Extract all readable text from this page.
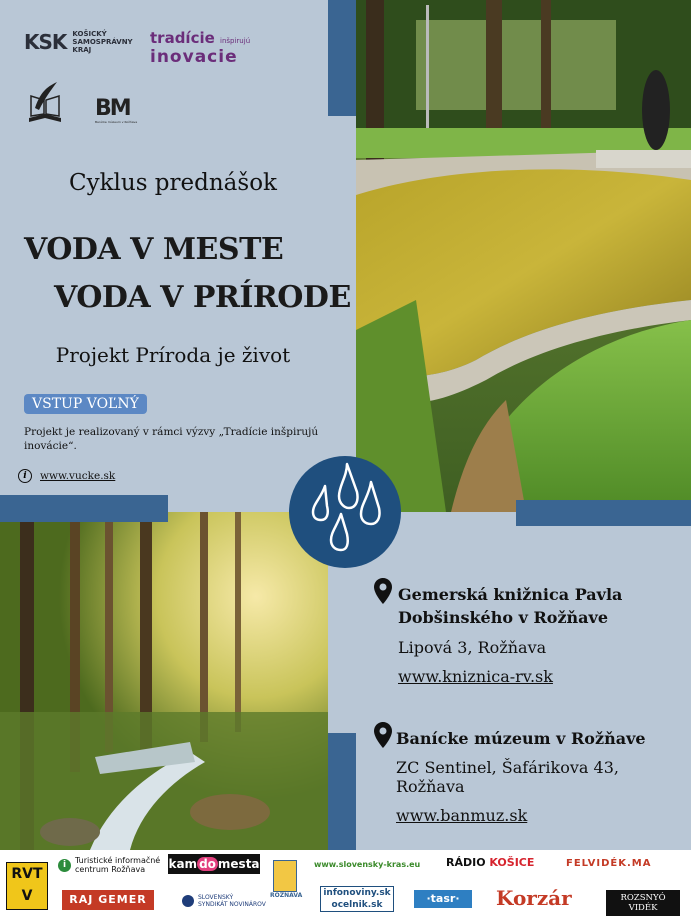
KSK KOŠICKÝ SAMOSPRÁVNY KRAJ
tradície inšpirujú
inovacie
BM
Banícke múzeum v Rožňave
Cyklus prednášok
VODA V MESTE
VODA V PRÍRODE
Projekt Príroda je život
VSTUP VOĽNÝ
Projekt je realizovaný v rámci výzvy „Tradície inšpirujú inovácie“.
i	www.vucke.sk
Gemerská knižnica Pavla
Dobšinského v Rožňave
Lipová 3, Rožňava
www.kniznica-rv.sk
Banícke múzeum v Rožňave
ZC Sentinel, Šafárikova 43, Rožňava
www.banmuz.sk
RVTV
i	Turistické informačné
centrum Rožňava
RAJ GEMER
kam do mesta
SLOVENSKÝ
SYNDIKÁT NOVINÁROV
ROŽŇAVA
www.slovensky-kras.eu
infonoviny.sk
ocelnik.sk
RÁDIO KOŠICE
·tasr·
FELVIDÉK.MA
Korzár	ROZSNYÓ VIDÉK
